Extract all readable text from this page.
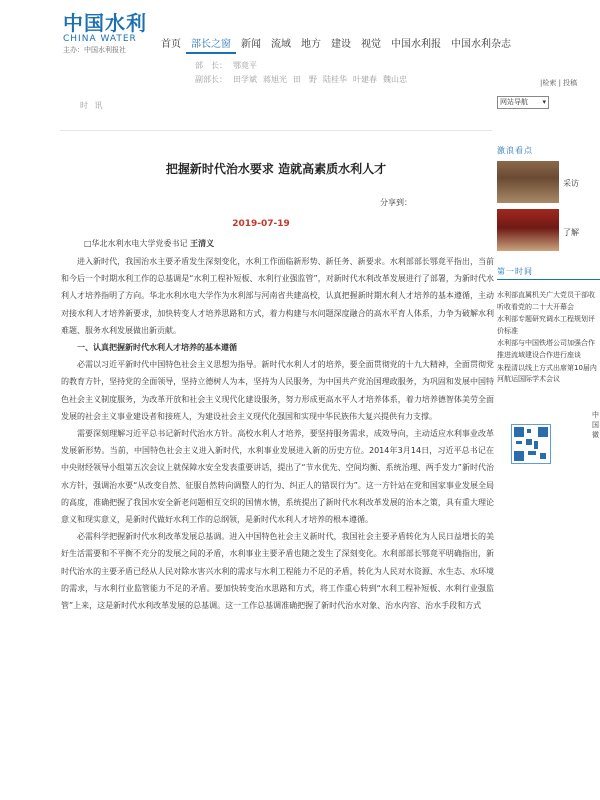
中国水利
CHINA WATER
主办：中国水利报社	首页	部长之窗	新闻	流域	地方	建设	视觉	中国水利报	中国水利杂志
部　长： 鄂竟平
副部长： 田学斌 蒋旭光 田　野 陆桂华 叶建春 魏山忠	|检索 | 投稿
时 讯	网站导航 ▾
把握新时代治水要求 造就高素质水利人才
分享到：
2019-07-19
□华北水利水电大学党委书记 王清义

进入新时代，我国治水主要矛盾发生深刻变化，水利工作面临新形势、新任务、新要求。水利部部长鄂竟平指出，当前和今后一个时期水利工作的总基调是“水利工程补短板、水利行业强监管”，对新时代水利改革发展进行了部署，为新时代水利人才培养指明了方向。华北水利水电大学作为水利部与河南省共建高校，认真把握新时期水利人才培养的基本遵循，主动对接水利人才培养新要求，加快转变人才培养思路和方式，着力构建与水问题深度融合的高水平育人体系，力争为破解水利难题、服务水利发展做出新贡献。

一、认真把握新时代水利人才培养的基本遵循

必需以习近平新时代中国特色社会主义思想为指导。新时代水利人才的培养，要全面贯彻党的十九大精神，全面贯彻党的教育方针，坚持党的全面领导，坚持立德树人为本，坚持为人民服务，为中国共产党治国理政服务，为巩固和发展中国特色社会主义制度服务，为改革开放和社会主义现代化建设服务，努力形成更高水平人才培养体系，着力培养德智体美劳全面发展的社会主义事业建设者和接班人，为建设社会主义现代化强国和实现中华民族伟大复兴提供有力支撑。

需要深刻理解习近平总书记新时代治水方针。高校水利人才培养，要坚持服务需求，成效导向，主动适应水利事业改革发展新形势。当前，中国特色社会主义进入新时代，水利事业发展进入新的历史方位。2014年3月14日，习近平总书记在中央财经领导小组第五次会议上就保障水安全发表重要讲话，提出了“节水优先、空间均衡、系统治理、两手发力”新时代治水方针，强调治水要“从改变自然、征服自然转向调整人的行为、纠正人的错误行为”。这一方针站在党和国家事业发展全局的高度，准确把握了我国水安全新老问题相互交织的国情水情，系统提出了新时代水利改革发展的治本之策，具有重大理论意义和现实意义，是新时代做好水利工作的总纲领，是新时代水利人才培养的根本遵循。

必需科学把握新时代水利改革发展总基调。进入中国特色社会主义新时代，我国社会主要矛盾转化为人民日益增长的美好生活需要和不平衡不充分的发展之间的矛盾，水利事业主要矛盾也随之发生了深刻变化。水利部部长鄂竟平明确指出，新时代治水的主要矛盾已经从人民对除水害兴水利的需求与水利工程能力不足的矛盾，转化为人民对水资源、水生态、水环境的需求，与水利行业监管能力不足的矛盾。要加快转变治水思路和方式，将工作重心转到“水利工程补短板、水利行业强监管”上来，这是新时代水利改革发展的总基调。这一工作总基调准确把握了新时代治水对象、治水内容、治水手段和方式

激浪看点
采访
了解
第一时间
水利部直属机关广大党员干部收听收看党的二十大开幕会
水利部专题研究调水工程规划评价标准
水利部与中国铁塔公司加强合作推进流域建设合作进行座谈
朱程清以线上方式出席第10届内河航运国际学术会议
中国微
